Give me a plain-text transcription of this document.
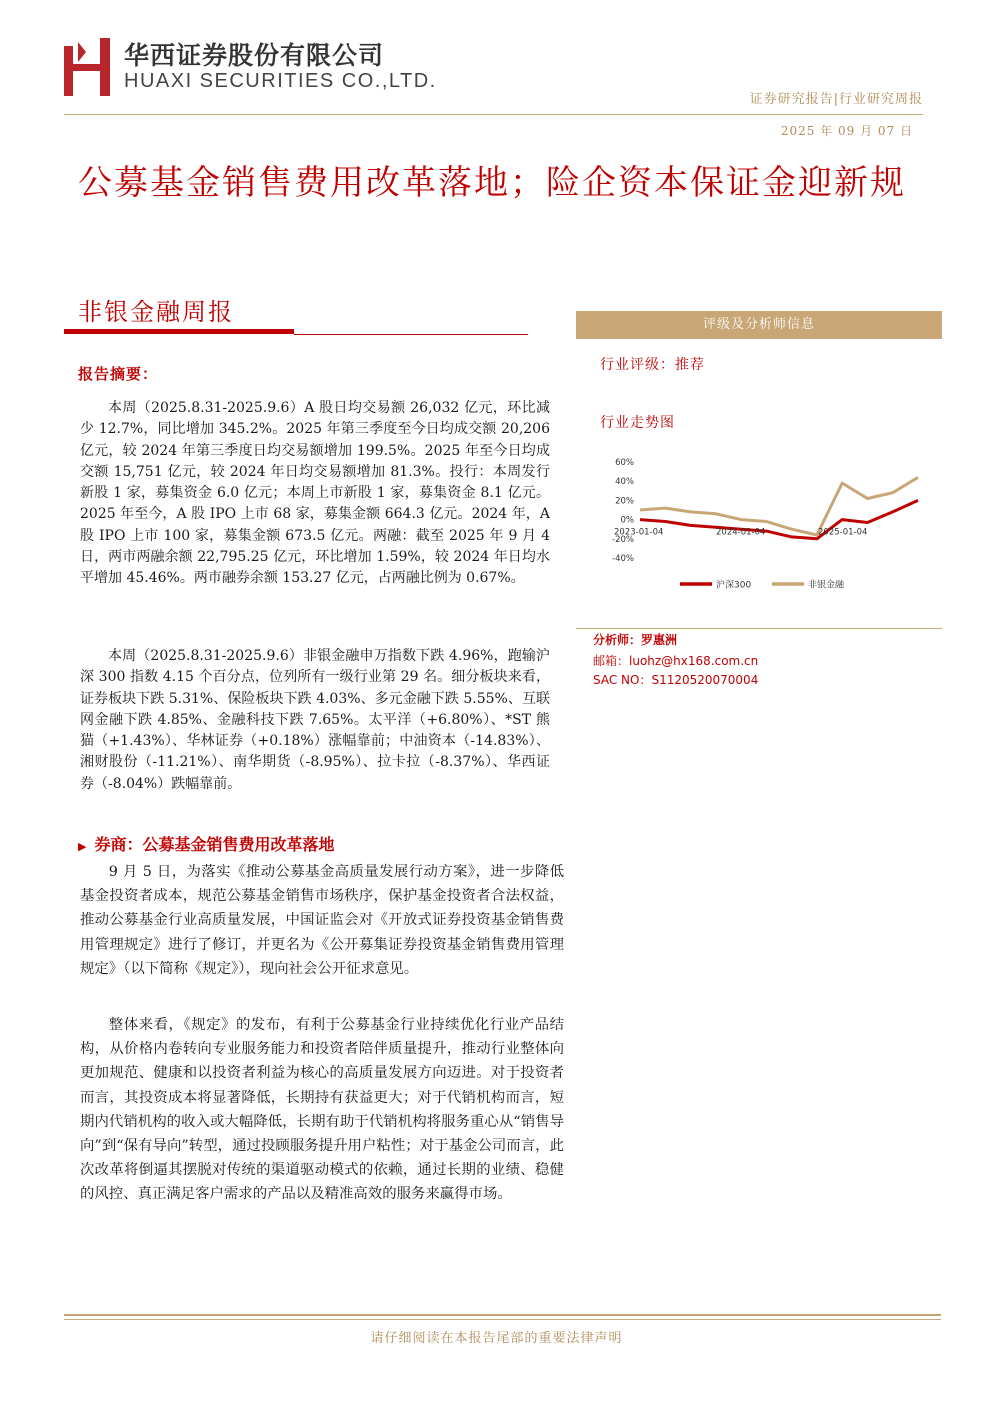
华西证券股份有限公司
HUAXI SECURITIES CO.,LTD.
证券研究报告|行业研究周报
2025 年 09 月 07 日
公募基金销售费用改革落地；险企资本保证金迎新规
非银金融周报
报告摘要：
本周（2025.8.31-2025.9.6）A 股日均交易额 26,032 亿元，环比减少 12.7%，同比增加 345.2%。2025 年第三季度至今日均成交额 20,206 亿元，较 2024 年第三季度日均交易额增加 199.5%。2025 年至今日均成交额 15,751 亿元，较 2024 年日均交易额增加 81.3%。投行：本周发行新股 1 家，募集资金 6.0 亿元；本周上市新股 1 家，募集资金 8.1 亿元。2025 年至今，A 股 IPO 上市 68 家，募集金额 664.3 亿元。2024 年，A 股 IPO 上市 100 家，募集金额 673.5 亿元。两融：截至 2025 年 9 月 4 日，两市两融余额 22,795.25 亿元，环比增加 1.59%，较 2024 年日均水平增加 45.46%。两市融券余额 153.27 亿元，占两融比例为 0.67%。
本周（2025.8.31-2025.9.6）非银金融申万指数下跌 4.96%，跑输沪深 300 指数 4.15 个百分点，位列所有一级行业第 29 名。细分板块来看，证券板块下跌 5.31%、保险板块下跌 4.03%、多元金融下跌 5.55%、互联网金融下跌 4.85%、金融科技下跌 7.65%。太平洋（+6.80%）、*ST 熊猫（+1.43%）、华林证券（+0.18%）涨幅靠前；中油资本（-14.83%）、湘财股份（-11.21%）、南华期货（-8.95%）、拉卡拉（-8.37%）、华西证券（-8.04%）跌幅靠前。
▶ 券商：公募基金销售费用改革落地
9 月 5 日，为落实《推动公募基金高质量发展行动方案》，进一步降低基金投资者成本，规范公募基金销售市场秩序，保护基金投资者合法权益，推动公募基金行业高质量发展，中国证监会对《开放式证券投资基金销售费用管理规定》进行了修订，并更名为《公开募集证券投资基金销售费用管理规定》（以下简称《规定》），现向社会公开征求意见。
整体来看，《规定》的发布，有利于公募基金行业持续优化行业产品结构，从价格内卷转向专业服务能力和投资者陪伴质量提升，推动行业整体向更加规范、健康和以投资者利益为核心的高质量发展方向迈进。对于投资者而言，其投资成本将显著降低，长期持有获益更大；对于代销机构而言，短期内代销机构的收入或大幅降低，长期有助于代销机构将服务重心从“销售导向”到“保有导向”转型，通过投顾服务提升用户粘性；对于基金公司而言，此次改革将倒逼其摆脱对传统的渠道驱动模式的依赖，通过长期的业绩、稳健的风控、真正满足客户需求的产品以及精准高效的服务来赢得市场。
评级及分析师信息
行业评级：推荐
行业走势图
60%
40%
20%
0%
-20%
-40%
2023-01-04	2024-01-04	2025-01-04
沪深300	非银金融
分析师：罗惠洲
邮箱：luohz@hx168.com.cn
SAC NO：S1120520070004
请仔细阅读在本报告尾部的重要法律声明
